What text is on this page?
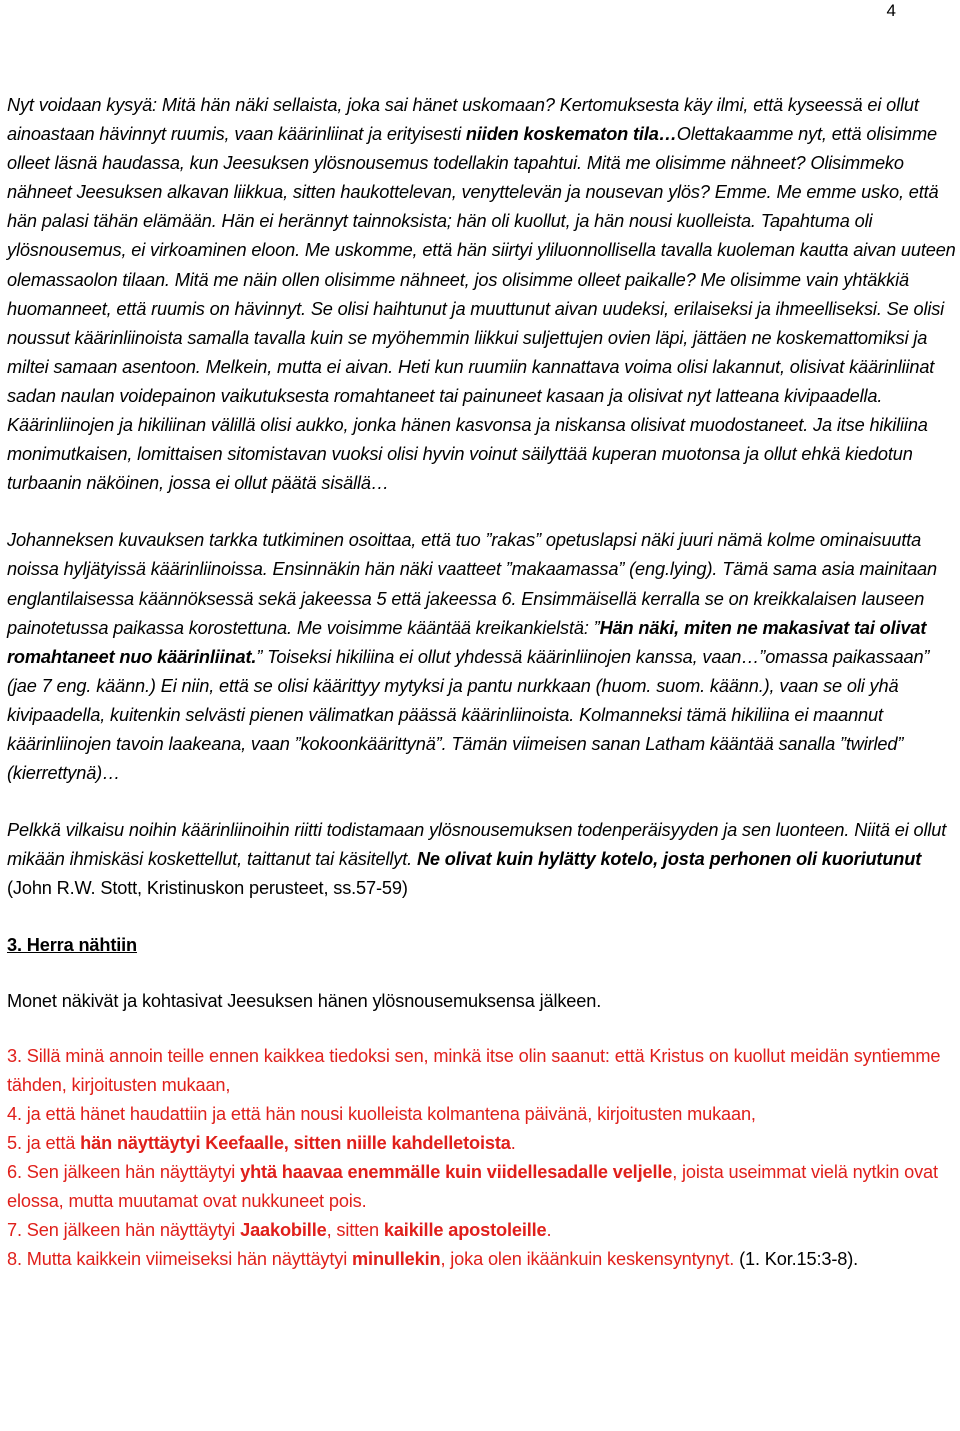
4

Nyt voidaan kysyä: Mitä hän näki sellaista, joka sai hänet uskomaan? Kertomuksesta käy ilmi, että kyseessä ei ollut ainoastaan hävinnyt ruumis, vaan käärinliinat ja erityisesti niiden koskematon tila…Olettakaamme nyt, että olisimme olleet läsnä haudassa, kun Jeesuksen ylösnousemus todellakin tapahtui. Mitä me olisimme nähneet? Olisimmeko nähneet Jeesuksen alkavan liikkua, sitten haukottelevan, venyttelevän ja nousevan ylös? Emme. Me emme usko, että hän palasi tähän elämään. Hän ei herännyt tainnoksista; hän oli kuollut, ja hän nousi kuolleista. Tapahtuma oli ylösnousemus, ei virkoaminen eloon. Me uskomme, että hän siirtyi yliluonnollisella tavalla kuoleman kautta aivan uuteen olemassaolon tilaan. Mitä me näin ollen olisimme nähneet, jos olisimme olleet paikalle? Me olisimme vain yhtäkkiä huomanneet, että ruumis on hävinnyt. Se olisi haihtunut ja muuttunut aivan uudeksi, erilaiseksi ja ihmeelliseksi. Se olisi noussut käärinliinoista samalla tavalla kuin se myöhemmin liikkui suljettujen ovien läpi, jättäen ne koskemattomiksi ja miltei samaan asentoon. Melkein, mutta ei aivan. Heti kun ruumiin kannattava voima olisi lakannut, olisivat käärinliinat sadan naulan voidepainon vaikutuksesta romahtaneet tai painuneet kasaan ja olisivat nyt latteana kivipaadella. Käärinliinojen ja hikiliinan välillä olisi aukko, jonka hänen kasvonsa ja niskansa olisivat muodostaneet. Ja itse hikiliina monimutkaisen, lomittaisen sitomistavan vuoksi olisi hyvin voinut säilyttää kuperan muotonsa ja ollut ehkä kiedotun turbaanin näköinen, jossa ei ollut päätä sisällä…

Johanneksen kuvauksen tarkka tutkiminen osoittaa, että tuo ”rakas” opetuslapsi näki juuri nämä kolme ominaisuutta noissa hyljätyissä käärinliinoissa. Ensinnäkin hän näki vaatteet ”makaamassa” (eng.lying). Tämä sama asia mainitaan englantilaisessa käännöksessä sekä jakeessa 5 että jakeessa 6. Ensimmäisellä kerralla se on kreikkalaisen lauseen painotetussa paikassa korostettuna. Me voisimme kääntää kreikankielstä: ”Hän näki, miten ne makasivat tai olivat romahtaneet nuo käärinliinat.” Toiseksi hikiliina ei ollut yhdessä käärinliinojen kanssa, vaan…”omassa paikassaan” (jae 7 eng. käänn.) Ei niin, että se olisi käärittyy mytyksi ja pantu nurkkaan (huom. suom. käänn.), vaan se oli yhä kivipaadella, kuitenkin selvästi pienen välimatkan päässä käärinliinoista. Kolmanneksi tämä hikiliina ei maannut käärinliinojen tavoin laakeana, vaan ”kokoonkäärittynä”. Tämän viimeisen sanan Latham kääntää sanalla ”twirled” (kierrettynä)…

Pelkkä vilkaisu noihin käärinliinoihin riitti todistamaan ylösnousemuksen todenperäisyyden ja sen luonteen. Niitä ei ollut mikään ihmiskäsi koskettellut, taittanut tai käsitellyt. Ne olivat kuin hylätty kotelo, josta perhonen oli kuoriutunut (John R.W. Stott, Kristinuskon perusteet, ss.57-59)

3. Herra nähtiin

Monet näkivät ja kohtasivat Jeesuksen hänen ylösnousemuksensa jälkeen.

3. Sillä minä annoin teille ennen kaikkea tiedoksi sen, minkä itse olin saanut: että Kristus on kuollut meidän syntiemme tähden, kirjoitusten mukaan,

4. ja että hänet haudattiin ja että hän nousi kuolleista kolmantena päivänä, kirjoitusten mukaan,

5. ja että hän näyttäytyi Keefaalle, sitten niille kahdelletoista.

6. Sen jälkeen hän näyttäytyi yhtä haavaa enemmälle kuin viidellesadalle veljelle, joista useimmat vielä nytkin ovat elossa, mutta muutamat ovat nukkuneet pois.

7. Sen jälkeen hän näyttäytyi Jaakobille, sitten kaikille apostoleille.

8. Mutta kaikkein viimeiseksi hän näyttäytyi minullekin, joka olen ikäänkuin keskensyntynyt. (1. Kor.15:3-8).
